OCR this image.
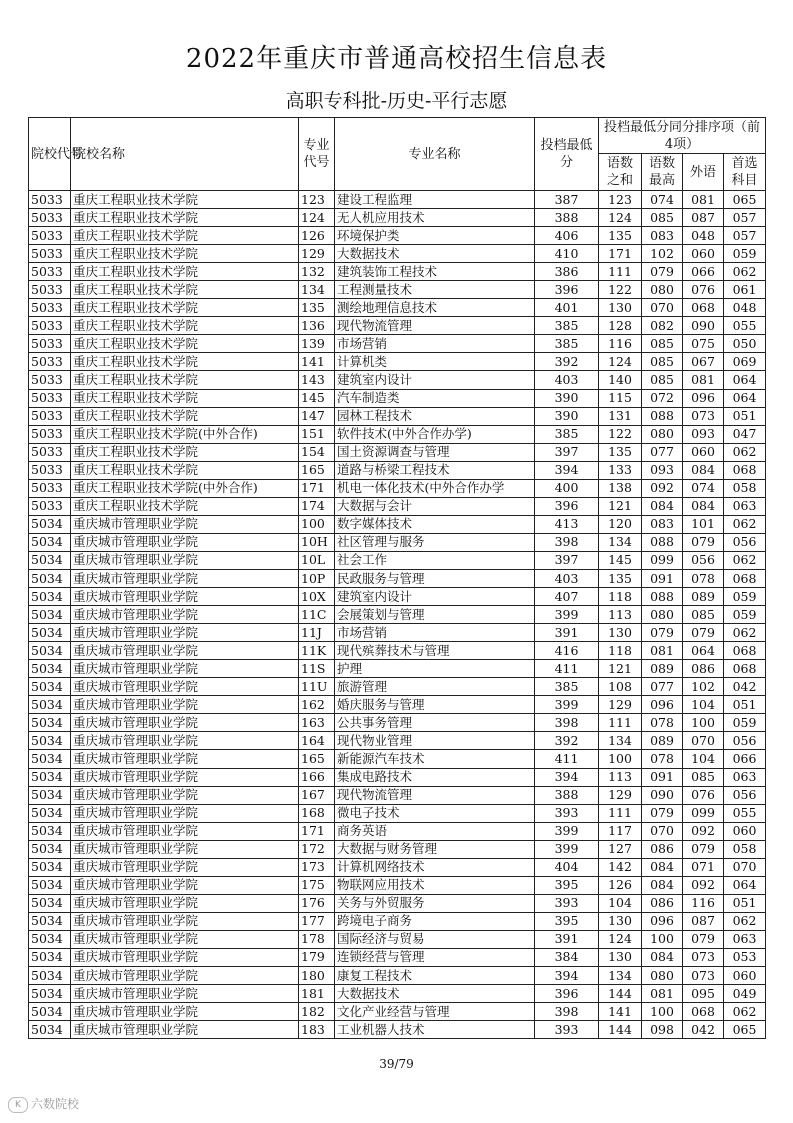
2022年重庆市普通高校招生信息表
高职专科批-历史-平行志愿
院校代号	院校名称	专业代号	专业名称	投档最低分	投档最低分同分排序项（前4项）			
					语数之和	语数最高	外语	首选科目
5033	重庆工程职业技术学院	123	建设工程监理	387	123	074	081	065
5033	重庆工程职业技术学院	124	无人机应用技术	388	124	085	087	057
5033	重庆工程职业技术学院	126	环境保护类	406	135	083	048	057
5033	重庆工程职业技术学院	129	大数据技术	410	171	102	060	059
5033	重庆工程职业技术学院	132	建筑装饰工程技术	386	111	079	066	062
5033	重庆工程职业技术学院	134	工程测量技术	396	122	080	076	061
5033	重庆工程职业技术学院	135	测绘地理信息技术	401	130	070	068	048
5033	重庆工程职业技术学院	136	现代物流管理	385	128	082	090	055
5033	重庆工程职业技术学院	139	市场营销	385	116	085	075	050
5033	重庆工程职业技术学院	141	计算机类	392	124	085	067	069
5033	重庆工程职业技术学院	143	建筑室内设计	403	140	085	081	064
5033	重庆工程职业技术学院	145	汽车制造类	390	115	072	096	064
5033	重庆工程职业技术学院	147	园林工程技术	390	131	088	073	051
5033	重庆工程职业技术学院(中外合作)	151	软件技术(中外合作办学)	385	122	080	093	047
5033	重庆工程职业技术学院	154	国土资源调查与管理	397	135	077	060	062
5033	重庆工程职业技术学院	165	道路与桥梁工程技术	394	133	093	084	068
5033	重庆工程职业技术学院(中外合作)	171	机电一体化技术(中外合作办学	400	138	092	074	058
5033	重庆工程职业技术学院	174	大数据与会计	396	121	084	084	063
5034	重庆城市管理职业学院	100	数字媒体技术	413	120	083	101	062
5034	重庆城市管理职业学院	10H	社区管理与服务	398	134	088	079	056
5034	重庆城市管理职业学院	10L	社会工作	397	145	099	056	062
5034	重庆城市管理职业学院	10P	民政服务与管理	403	135	091	078	068
5034	重庆城市管理职业学院	10X	建筑室内设计	407	118	088	089	059
5034	重庆城市管理职业学院	11C	会展策划与管理	399	113	080	085	059
5034	重庆城市管理职业学院	11J	市场营销	391	130	079	079	062
5034	重庆城市管理职业学院	11K	现代殡葬技术与管理	416	118	081	064	068
5034	重庆城市管理职业学院	11S	护理	411	121	089	086	068
5034	重庆城市管理职业学院	11U	旅游管理	385	108	077	102	042
5034	重庆城市管理职业学院	162	婚庆服务与管理	399	129	096	104	051
5034	重庆城市管理职业学院	163	公共事务管理	398	111	078	100	059
5034	重庆城市管理职业学院	164	现代物业管理	392	134	089	070	056
5034	重庆城市管理职业学院	165	新能源汽车技术	411	100	078	104	066
5034	重庆城市管理职业学院	166	集成电路技术	394	113	091	085	063
5034	重庆城市管理职业学院	167	现代物流管理	388	129	090	076	056
5034	重庆城市管理职业学院	168	微电子技术	393	111	079	099	055
5034	重庆城市管理职业学院	171	商务英语	399	117	070	092	060
5034	重庆城市管理职业学院	172	大数据与财务管理	399	127	086	079	058
5034	重庆城市管理职业学院	173	计算机网络技术	404	142	084	071	070
5034	重庆城市管理职业学院	175	物联网应用技术	395	126	084	092	064
5034	重庆城市管理职业学院	176	关务与外贸服务	393	104	086	116	051
5034	重庆城市管理职业学院	177	跨境电子商务	395	130	096	087	062
5034	重庆城市管理职业学院	178	国际经济与贸易	391	124	100	079	063
5034	重庆城市管理职业学院	179	连锁经营与管理	384	130	084	073	053
5034	重庆城市管理职业学院	180	康复工程技术	394	134	080	073	060
5034	重庆城市管理职业学院	181	大数据技术	396	144	081	095	049
5034	重庆城市管理职业学院	182	文化产业经营与管理	398	141	100	068	062
5034	重庆城市管理职业学院	183	工业机器人技术	393	144	098	042	065
39/79
K 六数院校
